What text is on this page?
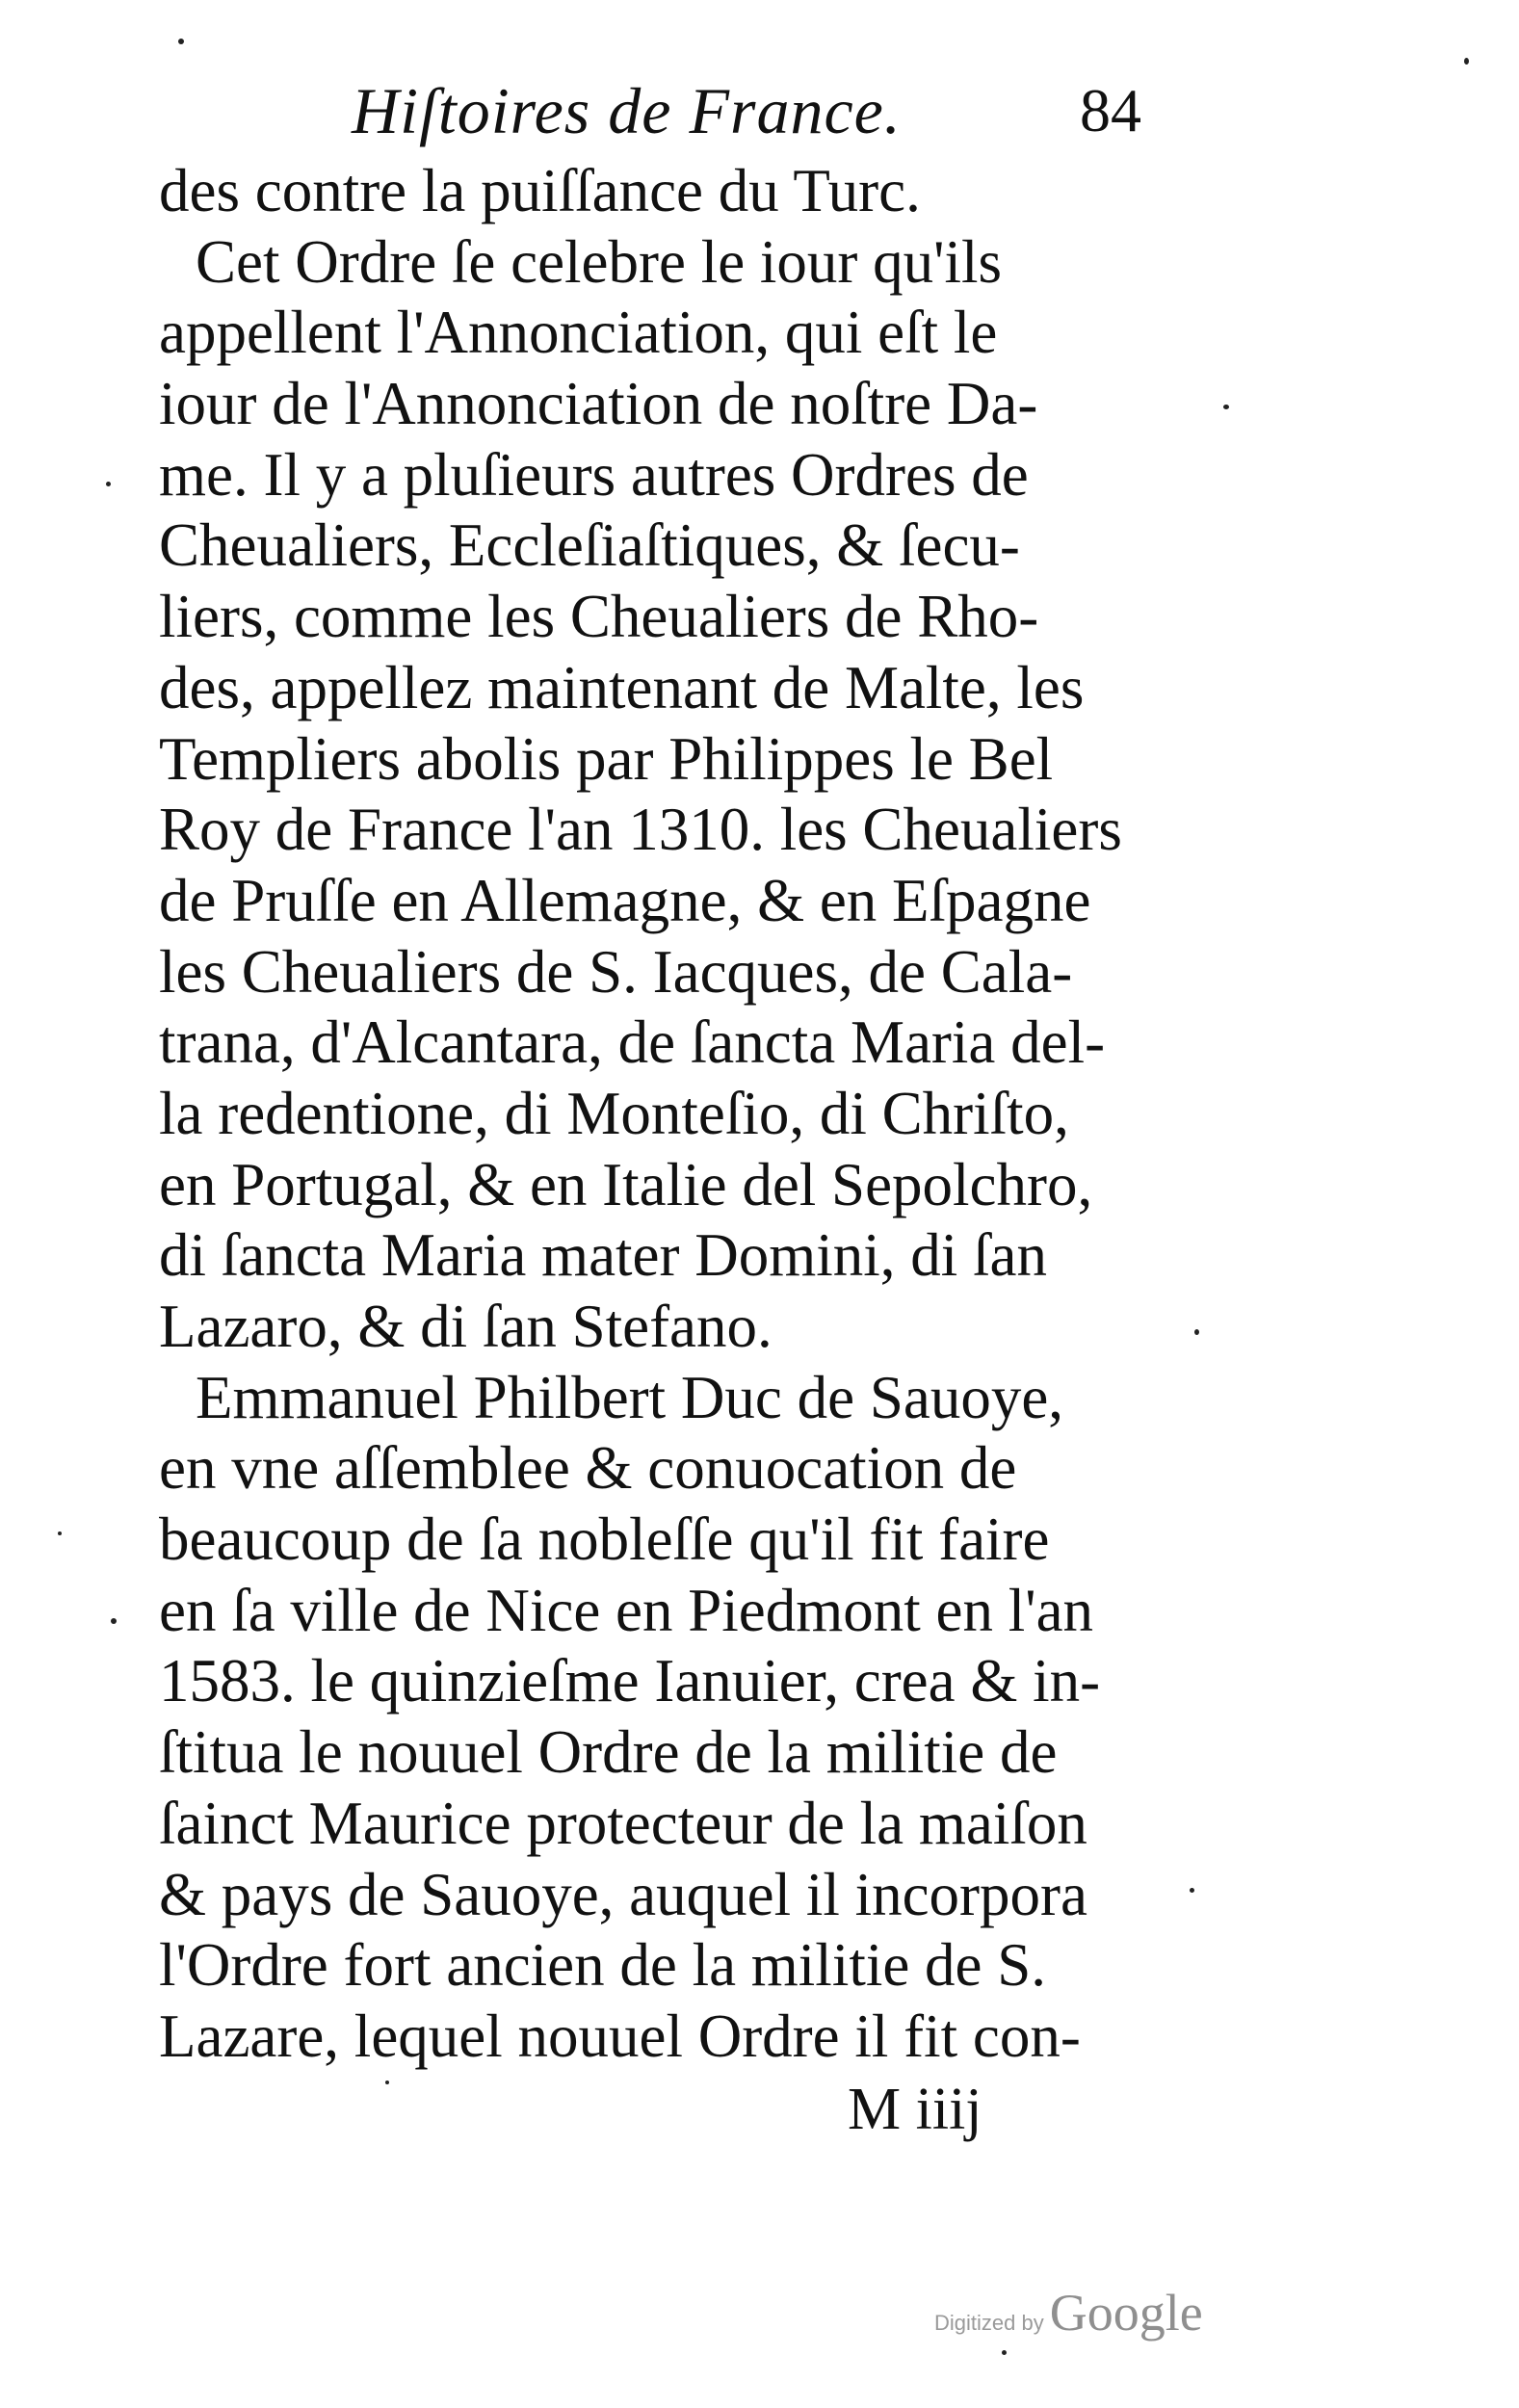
Hiſtoires de France.	84
des contre la puiſſance du Turc.
Cet Ordre ſe celebre le iour qu'ils
appellent l'Annonciation, qui eſt le
iour de l'Annonciation de noſtre Da-
me. Il y a pluſieurs autres Ordres de
Cheualiers, Eccleſiaſtiques, & ſecu-
liers, comme les Cheualiers de Rho-
des, appellez maintenant de Malte, les
Templiers abolis par Philippes le Bel
Roy de France l'an 1310. les Cheualiers
de Pruſſe en Allemagne, & en Eſpagne
les Cheualiers de S. Iacques, de Cala-
trana, d'Alcantara, de ſancta Maria del-
la redentione, di Monteſio, di Chriſto,
en Portugal, & en Italie del Sepolchro,
di ſancta Maria mater Domini, di ſan
Lazaro, & di ſan Stefano.
Emmanuel Philbert Duc de Sauoye,
en vne aſſemblee & conuocation de
beaucoup de ſa nobleſſe qu'il fit faire
en ſa ville de Nice en Piedmont en l'an
1583. le quinzieſme Ianuier, crea & in-
ſtitua le nouuel Ordre de la militie de
ſainct Maurice protecteur de la maiſon
& pays de Sauoye, auquel il incorpora
l'Ordre fort ancien de la militie de S.
Lazare, lequel nouuel Ordre il fit con-
M iiij
Digitized by Google
